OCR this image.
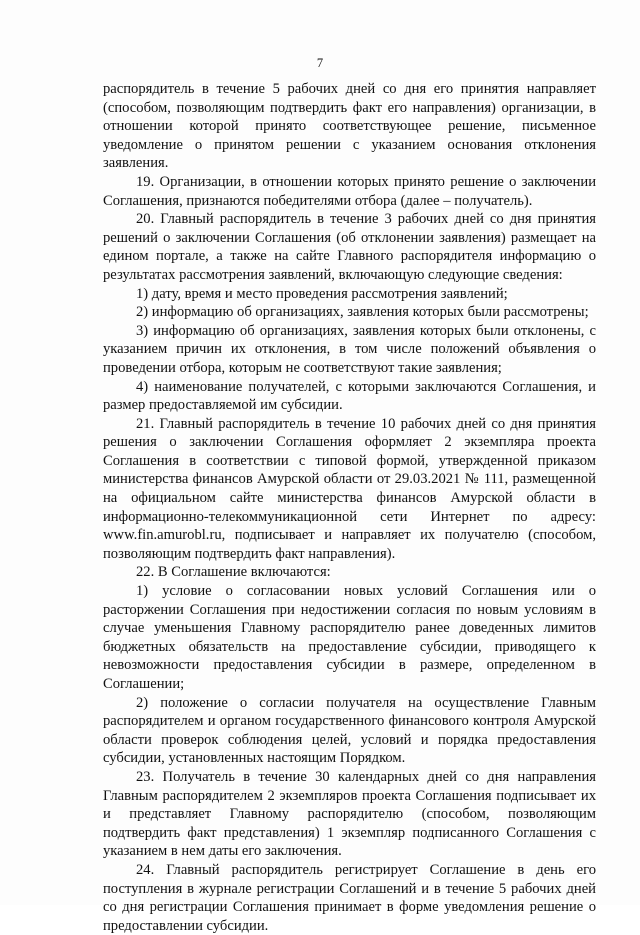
7

распорядитель в течение 5 рабочих дней со дня его принятия направляет (способом, позволяющим подтвердить факт его направления) организации, в отношении которой принято соответствующее решение, письменное уведомление о принятом решении с указанием основания отклонения заявления.

19. Организации, в отношении которых принято решение о заключении Соглашения, признаются победителями отбора (далее – получатель).

20. Главный распорядитель в течение 3 рабочих дней со дня принятия решений о заключении Соглашения (об отклонении заявления) размещает на едином портале, а также на сайте Главного распорядителя информацию о результатах рассмотрения заявлений, включающую следующие сведения:

1) дату, время и место проведения рассмотрения заявлений;

2) информацию об организациях, заявления которых были рассмотрены;

3) информацию об организациях, заявления которых были отклонены, с указанием причин их отклонения, в том числе положений объявления о проведении отбора, которым не соответствуют такие заявления;

4) наименование получателей, с которыми заключаются Соглашения, и размер предоставляемой им субсидии.

21. Главный распорядитель в течение 10 рабочих дней со дня принятия решения о заключении Соглашения оформляет 2 экземпляра проекта Соглашения в соответствии с типовой формой, утвержденной приказом министерства финансов Амурской области от 29.03.2021 № 111, размещенной на официальном сайте министерства финансов Амурской области в информационно-телекоммуникационной сети Интернет по адресу: www.fin.amurobl.ru, подписывает и направляет их получателю (способом, позволяющим подтвердить факт направления).

22. В Соглашение включаются:

1) условие о согласовании новых условий Соглашения или о расторжении Соглашения при недостижении согласия по новым условиям в случае уменьшения Главному распорядителю ранее доведенных лимитов бюджетных обязательств на предоставление субсидии, приводящего к невозможности предоставления субсидии в размере, определенном в Соглашении;

2) положение о согласии получателя на осуществление Главным распорядителем и органом государственного финансового контроля Амурской области проверок соблюдения целей, условий и порядка предоставления субсидии, установленных настоящим Порядком.

23. Получатель в течение 30 календарных дней со дня направления Главным распорядителем 2 экземпляров проекта Соглашения подписывает их и представляет Главному распорядителю (способом, позволяющим подтвердить факт представления) 1 экземпляр подписанного Соглашения с указанием в нем даты его заключения.

24. Главный распорядитель регистрирует Соглашение в день его поступления в журнале регистрации Соглашений и в течение 5 рабочих дней со дня регистрации Соглашения принимает в форме уведомления решение о предоставлении субсидии.
